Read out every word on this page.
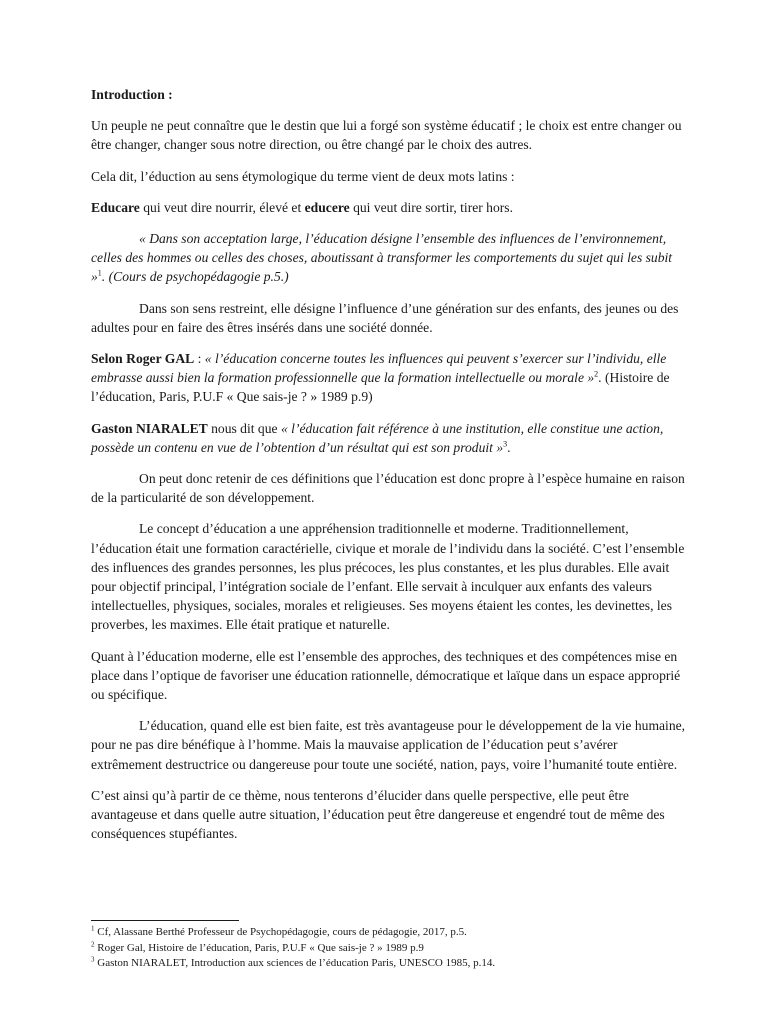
Introduction :

Un peuple ne peut connaître que le destin que lui a forgé son système éducatif ; le choix est entre changer ou être changer, changer sous notre direction, ou être changé par le choix des autres.

Cela dit, l’éduction au sens étymologique du terme vient de deux mots latins :

Educare qui veut dire nourrir, élevé et educere qui veut dire sortir, tirer hors.

« Dans son acceptation large, l’éducation désigne l’ensemble des influences de l’environnement, celles des hommes ou celles des choses, aboutissant à transformer les comportements du sujet qui les subit »$^1$. (Cours de psychopédagogie p.5.)

Dans son sens restreint, elle désigne l’influence d’une génération sur des enfants, des jeunes ou des adultes pour en faire des êtres insérés dans une société donnée.

Selon Roger GAL : « l’éducation concerne toutes les influences qui peuvent s’exercer sur l’individu, elle embrasse aussi bien la formation professionnelle que la formation intellectuelle ou morale »$^2$. (Histoire de l’éducation, Paris, P.U.F « Que sais-je ? » 1989 p.9)

Gaston NIARALET nous dit que « l’éducation fait référence à une institution, elle constitue une action, possède un contenu en vue de l’obtention d’un résultat qui est son produit »$^3$.

On peut donc retenir de ces définitions que l’éducation est donc propre à l’espèce humaine en raison de la particularité de son développement.

Le concept d’éducation a une appréhension traditionnelle et moderne. Traditionnellement, l’éducation était une formation caractérielle, civique et morale de l’individu dans la société. C’est l’ensemble des influences des grandes personnes, les plus précoces, les plus constantes, et les plus durables. Elle avait pour objectif principal, l’intégration sociale de l’enfant. Elle servait à inculquer aux enfants des valeurs intellectuelles, physiques, sociales, morales et religieuses. Ses moyens étaient les contes, les devinettes, les proverbes, les maximes. Elle était pratique et naturelle.

Quant à l’éducation moderne, elle est l’ensemble des approches, des techniques et des compétences mise en place dans l’optique de favoriser une éducation rationnelle, démocratique et laïque dans un espace approprié ou spécifique.

L’éducation, quand elle est bien faite, est très avantageuse pour le développement de la vie humaine, pour ne pas dire bénéfique à l’homme. Mais la mauvaise application de l’éducation peut s’avérer extrêmement destructrice ou dangereuse pour toute une société, nation, pays, voire l’humanité toute entière.

C’est ainsi qu’à partir de ce thème, nous tenterons d’élucider dans quelle perspective, elle peut être avantageuse et dans quelle autre situation, l’éducation peut être dangereuse et engendré tout de même des conséquences stupéfiantes.

$^1$ Cf, Alassane Berthé Professeur de Psychopédagogie, cours de pédagogie, 2017, p.5.
$^2$ Roger Gal, Histoire de l’éducation, Paris, P.U.F « Que sais-je ? » 1989 p.9
$^3$ Gaston NIARALET, Introduction aux sciences de l’éducation Paris, UNESCO 1985, p.14.
